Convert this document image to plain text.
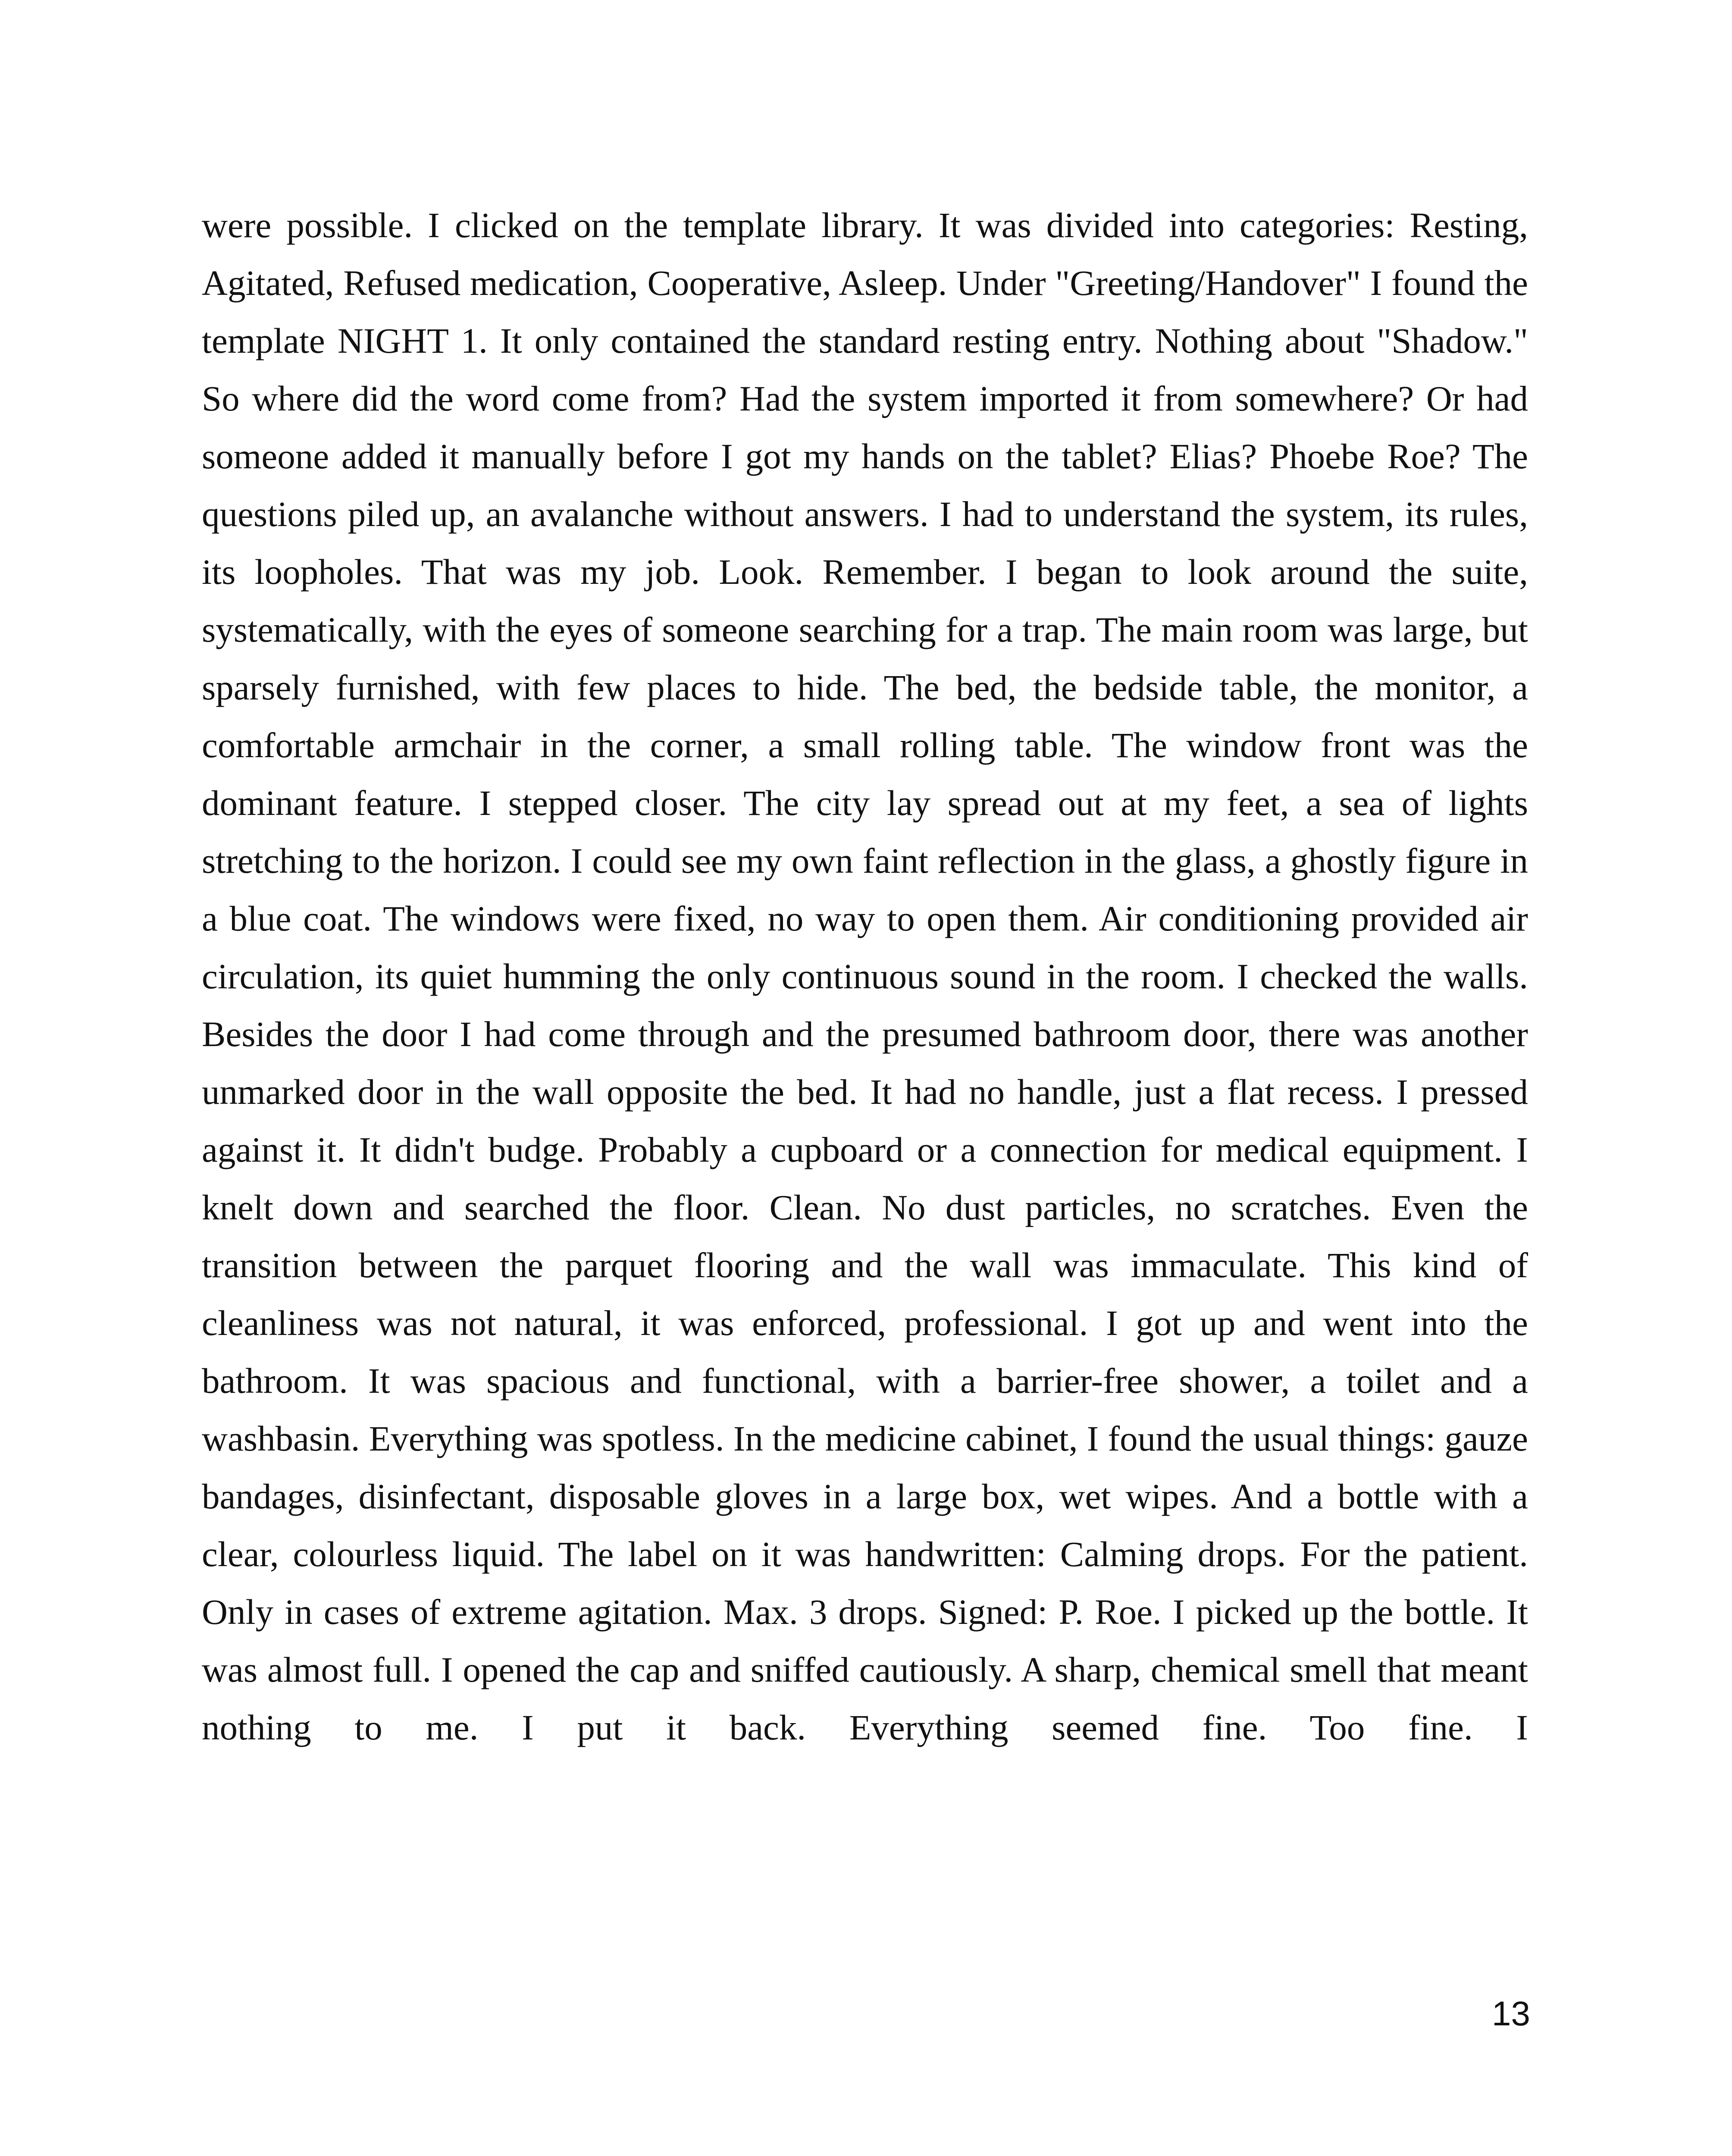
were possible. I clicked on the template library. It was divided into categories: Resting, Agitated, Refused medication, Cooperative, Asleep. Under "Greeting/Handover" I found the template NIGHT 1. It only contained the standard resting entry. Nothing about "Shadow." So where did the word come from? Had the system imported it from somewhere? Or had someone added it manually before I got my hands on the tablet? Elias? Phoebe Roe? The questions piled up, an avalanche without answers. I had to understand the system, its rules, its loopholes. That was my job. Look. Remember. I began to look around the suite, systematically, with the eyes of someone searching for a trap. The main room was large, but sparsely furnished, with few places to hide. The bed, the bedside table, the monitor, a comfortable armchair in the corner, a small rolling table. The window front was the dominant feature. I stepped closer. The city lay spread out at my feet, a sea of lights stretching to the horizon. I could see my own faint reflection in the glass, a ghostly figure in a blue coat. The windows were fixed, no way to open them. Air conditioning provided air circulation, its quiet humming the only continuous sound in the room. I checked the walls. Besides the door I had come through and the presumed bathroom door, there was another unmarked door in the wall opposite the bed. It had no handle, just a flat recess. I pressed against it. It didn't budge. Probably a cupboard or a connection for medical equipment. I knelt down and searched the floor. Clean. No dust particles, no scratches. Even the transition between the parquet flooring and the wall was immaculate. This kind of cleanliness was not natural, it was enforced, professional. I got up and went into the bathroom. It was spacious and functional, with a barrier-free shower, a toilet and a washbasin. Everything was spotless. In the medicine cabinet, I found the usual things: gauze bandages, disinfectant, disposable gloves in a large box, wet wipes. And a bottle with a clear, colourless liquid. The label on it was handwritten: Calming drops. For the patient. Only in cases of extreme agitation. Max. 3 drops. Signed: P. Roe. I picked up the bottle. It was almost full. I opened the cap and sniffed cautiously. A sharp, chemical smell that meant nothing to me. I put it back. Everything seemed fine. Too fine. I

13
